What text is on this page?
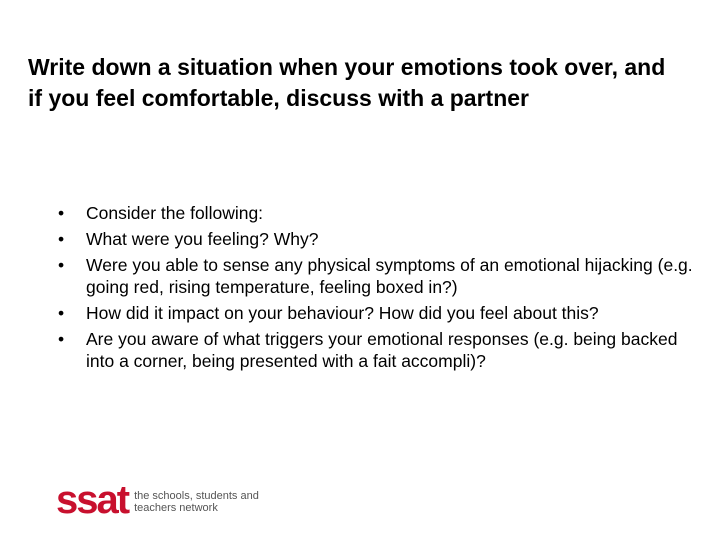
Write down a situation when your emotions took over, and if you feel comfortable, discuss with a partner
•	Consider the following:
•	What were you feeling? Why?
•	Were you able to sense any physical symptoms of an emotional hijacking (e.g. going red, rising temperature, feeling boxed in?)
•	How did it impact on your behaviour? How did you feel about this?
•	Are you aware of what triggers your emotional responses (e.g. being backed into a corner, being presented with a fait accompli)?
ssat the schools, students and teachers network
